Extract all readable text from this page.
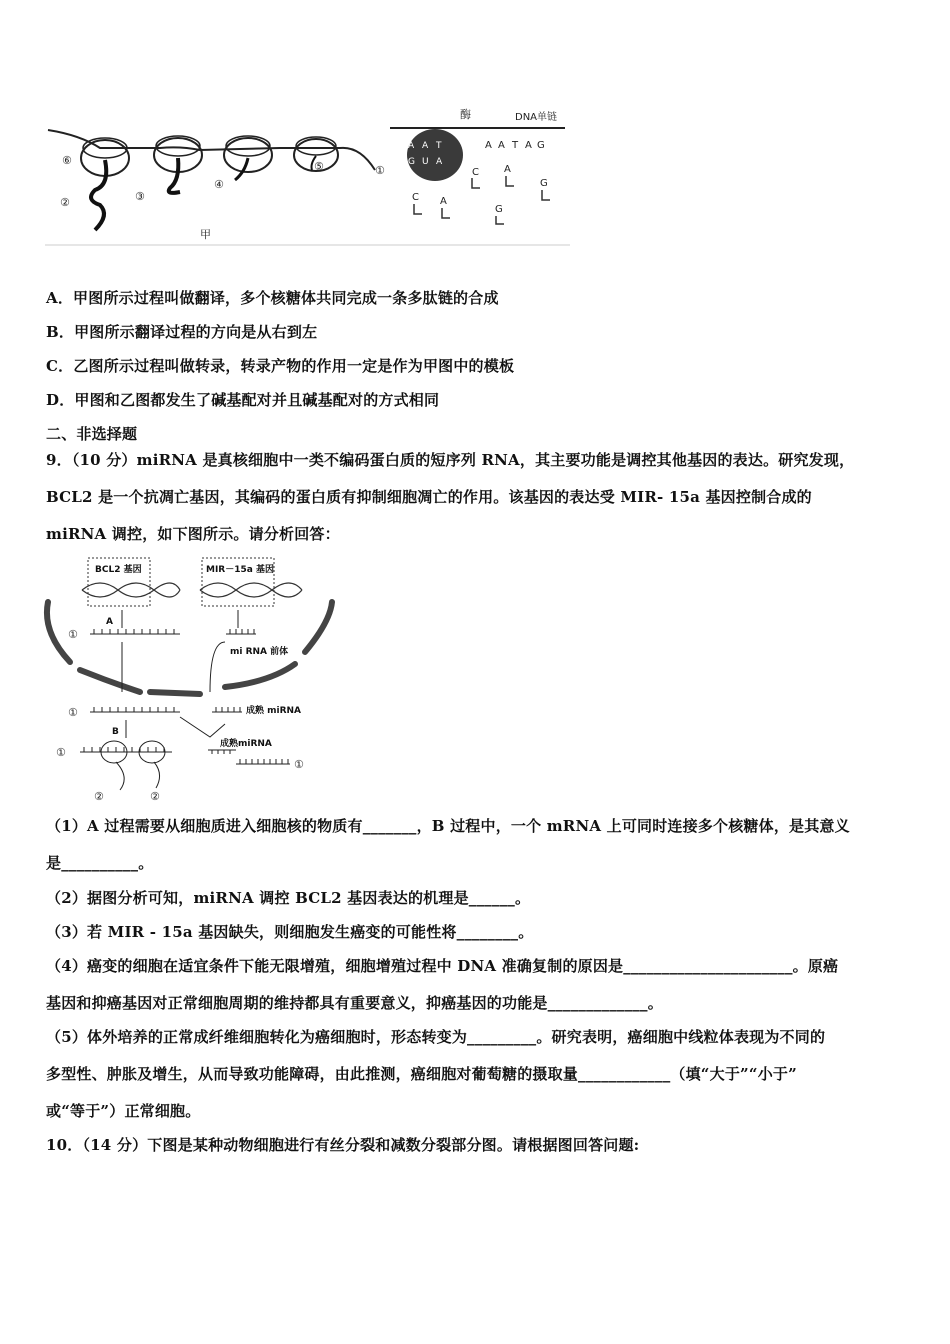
⑥
②	③
④
⑤	①
甲
酶	DNA单链
A A T A G
A A T
G U A
C	A
G
C A
G
A．甲图所示过程叫做翻译，多个核糖体共同完成一条多肽链的合成
B．甲图所示翻译过程的方向是从右到左
C．乙图所示过程叫做转录，转录产物的作用一定是作为甲图中的模板
D．甲图和乙图都发生了碱基配对并且碱基配对的方式相同
二、非选择题
9．（10 分）miRNA 是真核细胞中一类不编码蛋白质的短序列 RNA，其主要功能是调控其他基因的表达。研究发现，
BCL2 是一个抗凋亡基因，其编码的蛋白质有抑制细胞凋亡的作用。该基因的表达受 MIR- 15a 基因控制合成的
miRNA 调控，如下图所示。请分析回答：
BCL2 基因	MIR－15a 基因
A
①
mi RNA 前体
①	成熟 miRNA
B
①
②	②
成熟miRNA
①
（1）A 过程需要从细胞质进入细胞核的物质有_______，B 过程中，一个 mRNA 上可同时连接多个核糖体，是其意义
是__________。
（2）据图分析可知，miRNA 调控 BCL2 基因表达的机理是______。
（3）若 MIR - 15a 基因缺失，则细胞发生癌变的可能性将________。
（4）癌变的细胞在适宜条件下能无限增殖，细胞增殖过程中 DNA 准确复制的原因是______________________。原癌
基因和抑癌基因对正常细胞周期的维持都具有重要意义，抑癌基因的功能是_____________。
（5）体外培养的正常成纤维细胞转化为癌细胞时，形态转变为_________。研究表明，癌细胞中线粒体表现为不同的
多型性、肿胀及增生，从而导致功能障碍，由此推测，癌细胞对葡萄糖的摄取量____________（填“大于”“小于”
或“等于”）正常细胞。
10．（14 分）下图是某种动物细胞进行有丝分裂和减数分裂部分图。请根据图回答问题:
